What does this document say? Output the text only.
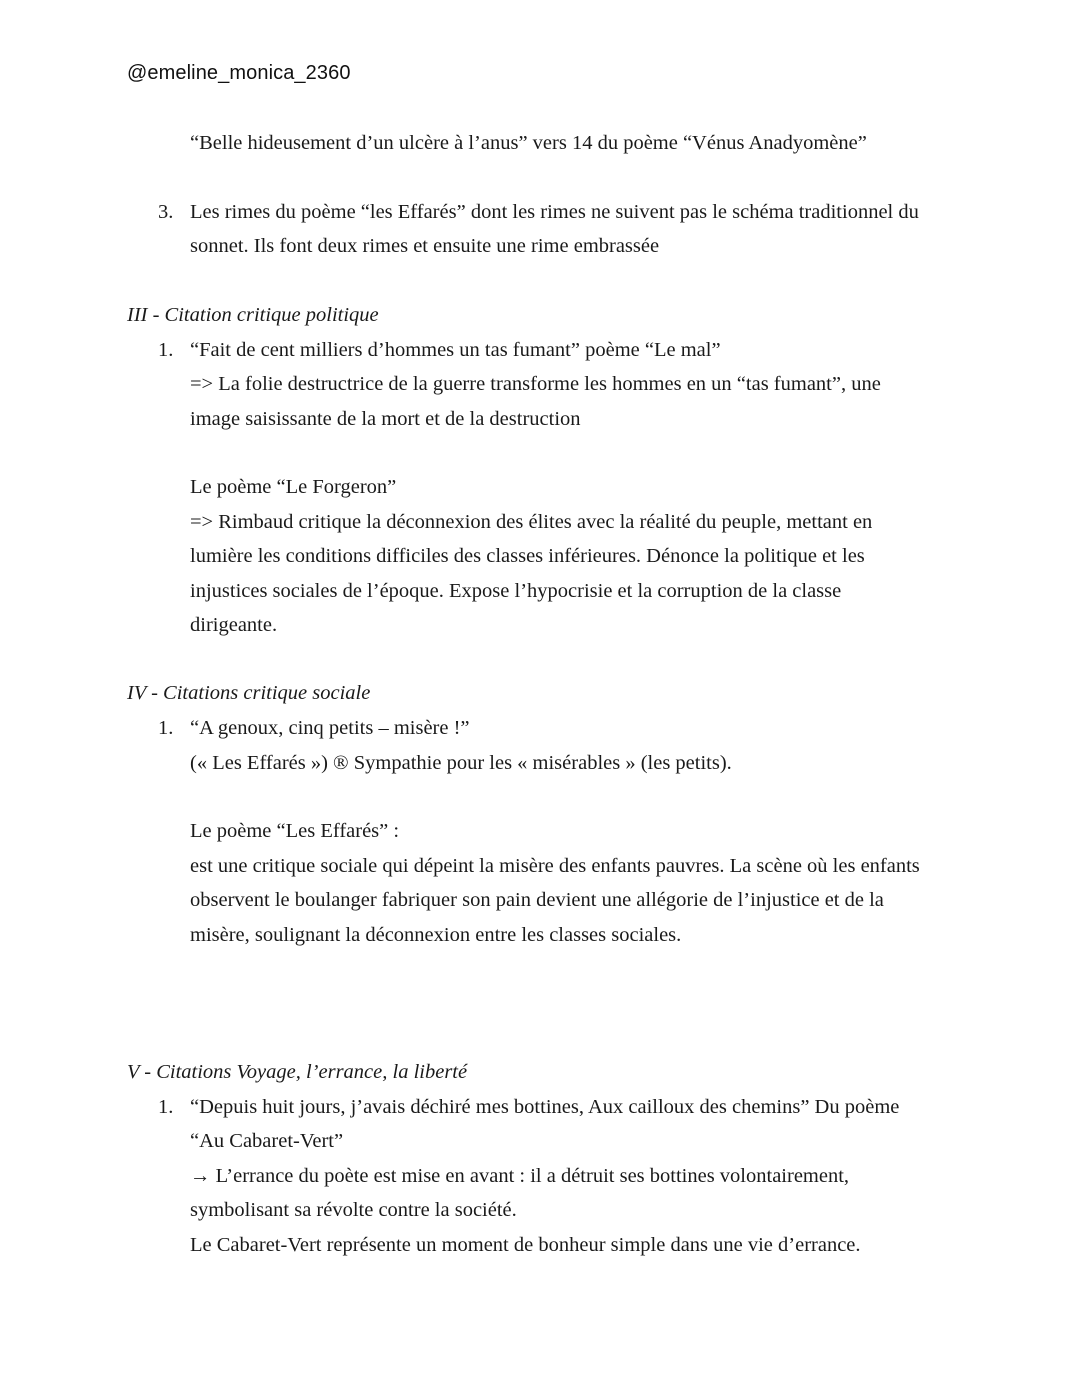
@emeline_monica_2360
“Belle hideusement d’un ulcère à l’anus” vers 14 du poème “Vénus Anadyomène”
3. Les rimes du poème “les Effarés” dont les rimes ne suivent pas le schéma traditionnel du
sonnet. Ils font deux rimes et ensuite une rime embrassée
III - Citation critique politique
1. “Fait de cent milliers d’hommes un tas fumant” poème “Le mal”
=> La folie destructrice de la guerre transforme les hommes en un “tas fumant”, une
image saisissante de la mort et de la destruction
Le poème “Le Forgeron”
=> Rimbaud critique la déconnexion des élites avec la réalité du peuple, mettant en
lumière les conditions difficiles des classes inférieures. Dénonce la politique et les
injustices sociales de l’époque. Expose l’hypocrisie et la corruption de la classe
dirigeante.
IV - Citations critique sociale
1. “A genoux, cinq petits – misère !”
(« Les Effarés ») ® Sympathie pour les « misérables » (les petits).
Le poème “Les Effarés” :
est une critique sociale qui dépeint la misère des enfants pauvres. La scène où les enfants
observent le boulanger fabriquer son pain devient une allégorie de l’injustice et de la
misère, soulignant la déconnexion entre les classes sociales.
V - Citations Voyage, l’errance, la liberté
1. “Depuis huit jours, j’avais déchiré mes bottines, Aux cailloux des chemins” Du poème
“Au Cabaret-Vert”
→ L’errance du poète est mise en avant : il a détruit ses bottines volontairement,
symbolisant sa révolte contre la société.
Le Cabaret-Vert représente un moment de bonheur simple dans une vie d’errance.
